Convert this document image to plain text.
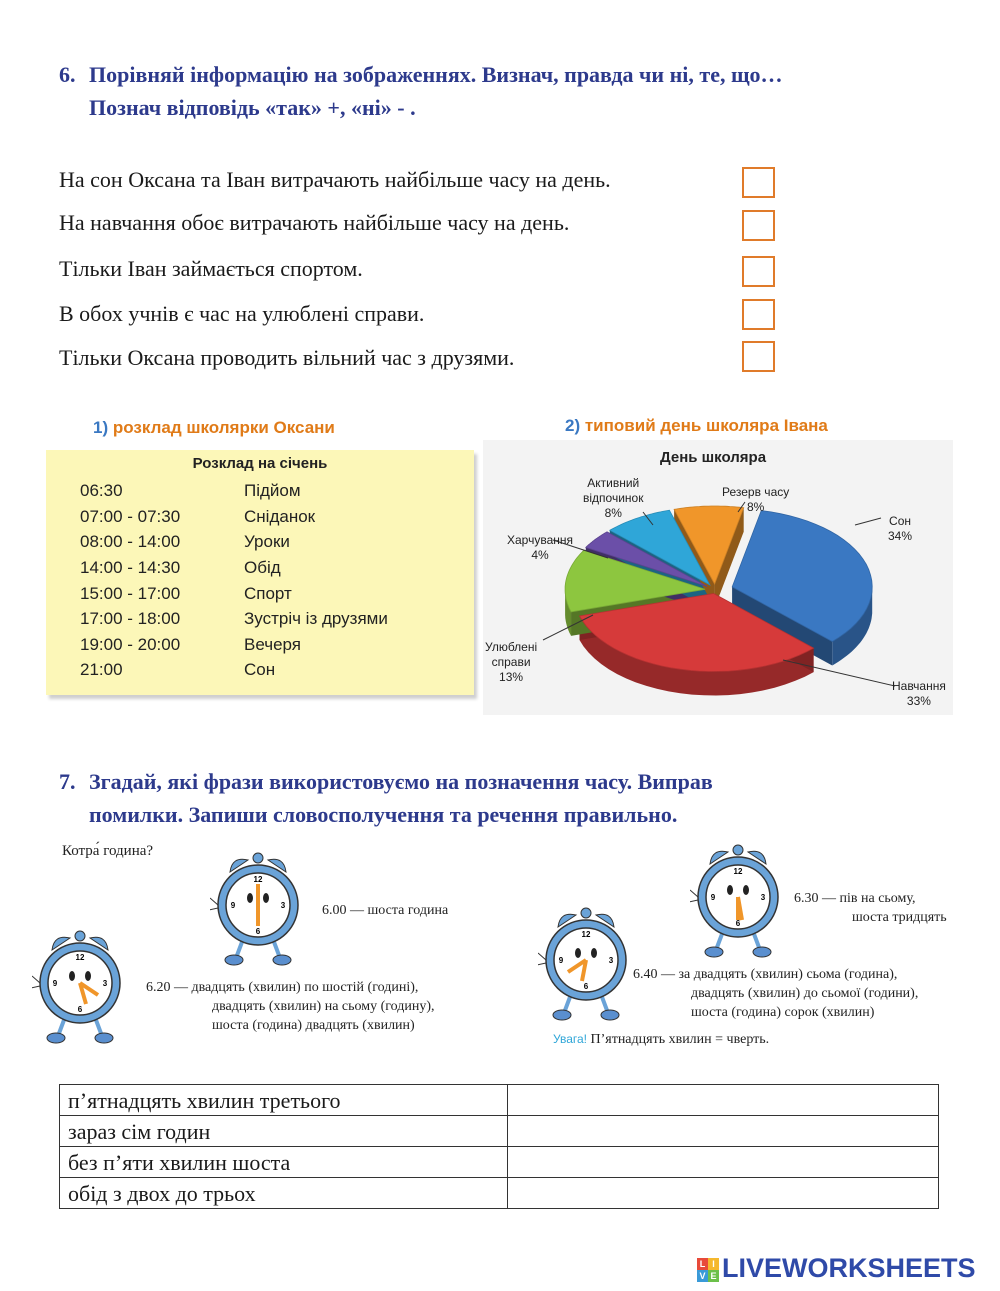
6. Порівняй інформацію на зображеннях. Визнач, правда чи ні, те, що…
Познач відповідь «так» +, «ні» - .
На сон Оксана та Іван витрачають найбільше часу на день.
На навчання обоє витрачають найбільше часу на день.
Тільки Іван займається спортом.
В обох учнів є час на улюблені справи.
Тільки Оксана проводить вільний час з друзями.
1) розклад школярки Оксани
Розклад на січень
06:30	Підйом
07:00 - 07:30	Сніданок
08:00 - 14:00	Уроки
14:00 - 14:30	Обід
15:00 - 17:00	Спорт
17:00 - 18:00	Зустріч із друзями
19:00 - 20:00	Вечеря
21:00	Сон
2) типовий день школяра Івана
День школяра
Сон
34%
Навчання
33%
Улюблені
справи
13%
Харчування
4%
Активний
відпочинок
8%
Резерв часу
8%
7. Згадай, які фрази використовуємо на позначення часу. Виправ
помилки. Запиши словосполучення та речення правильно.
Котра́ година?
6.00 — шоста година
6.20 — двадцять (хвилин) по шостій (годині),
двадцять (хвилин) на сьому (годину),
шоста (година) двадцять (хвилин)
6.30 — пів на сьому,
шоста тридцять
6.40 — за двадцять (хвилин) сьома (година),
двадцять (хвилин) до сьомої (години),
шоста (година) сорок (хвилин)
Увага! П’ятнадцять хвилин = чверть.
п’ятнадцять хвилин третього	
зараз сім годин	
без п’яти хвилин шоста	
обід з двох до трьох	
L I
V E LIVEWORKSHEETS
